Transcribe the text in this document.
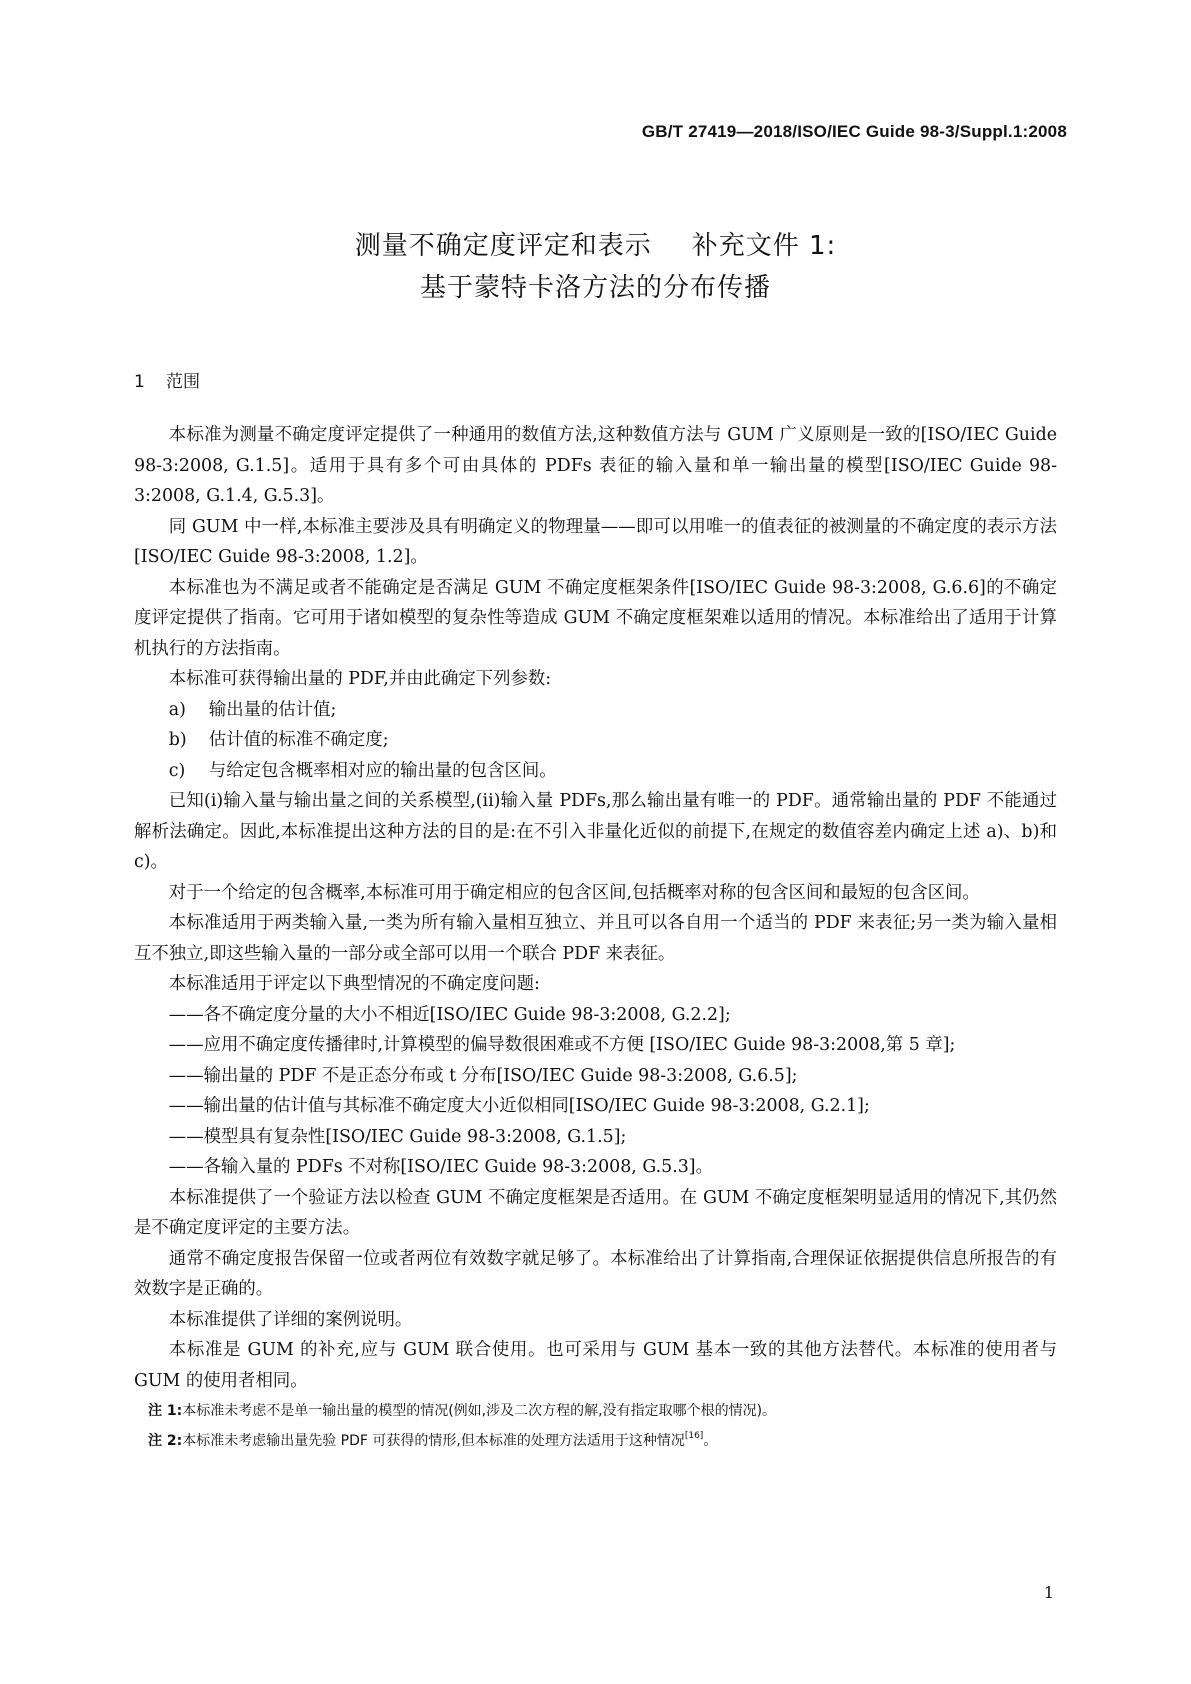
GB/T 27419—2018/ISO/IEC Guide 98-3/Suppl.1:2008
测量不确定度评定和表示 补充文件 1:
基于蒙特卡洛方法的分布传播
1 范围

本标准为测量不确定度评定提供了一种通用的数值方法,这种数值方法与 GUM 广义原则是一致的[ISO/IEC Guide 98-3:2008, G.1.5]。适用于具有多个可由具体的 PDFs 表征的输入量和单一输出量的模型[ISO/IEC Guide 98-3:2008, G.1.4, G.5.3]。

同 GUM 中一样,本标准主要涉及具有明确定义的物理量——即可以用唯一的值表征的被测量的不确定度的表示方法[ISO/IEC Guide 98-3:2008, 1.2]。

本标准也为不满足或者不能确定是否满足 GUM 不确定度框架条件[ISO/IEC Guide 98-3:2008, G.6.6]的不确定度评定提供了指南。它可用于诸如模型的复杂性等造成 GUM 不确定度框架难以适用的情况。本标准给出了适用于计算机执行的方法指南。

本标准可获得输出量的 PDF,并由此确定下列参数:

a) 输出量的估计值;

b) 估计值的标准不确定度;

c) 与给定包含概率相对应的输出量的包含区间。

已知(i)输入量与输出量之间的关系模型,(ii)输入量 PDFs,那么输出量有唯一的 PDF。通常输出量的 PDF 不能通过解析法确定。因此,本标准提出这种方法的目的是:在不引入非量化近似的前提下,在规定的数值容差内确定上述 a)、b)和 c)。

对于一个给定的包含概率,本标准可用于确定相应的包含区间,包括概率对称的包含区间和最短的包含区间。

本标准适用于两类输入量,一类为所有输入量相互独立、并且可以各自用一个适当的 PDF 来表征;另一类为输入量相互不独立,即这些输入量的一部分或全部可以用一个联合 PDF 来表征。

本标准适用于评定以下典型情况的不确定度问题:

——各不确定度分量的大小不相近[ISO/IEC Guide 98-3:2008, G.2.2];

——应用不确定度传播律时,计算模型的偏导数很困难或不方便 [ISO/IEC Guide 98-3:2008,第 5 章];

——输出量的 PDF 不是正态分布或 t 分布[ISO/IEC Guide 98-3:2008, G.6.5];

——输出量的估计值与其标准不确定度大小近似相同[ISO/IEC Guide 98-3:2008, G.2.1];

——模型具有复杂性[ISO/IEC Guide 98-3:2008, G.1.5];

——各输入量的 PDFs 不对称[ISO/IEC Guide 98-3:2008, G.5.3]。

本标准提供了一个验证方法以检查 GUM 不确定度框架是否适用。在 GUM 不确定度框架明显适用的情况下,其仍然是不确定度评定的主要方法。

通常不确定度报告保留一位或者两位有效数字就足够了。本标准给出了计算指南,合理保证依据提供信息所报告的有效数字是正确的。

本标准提供了详细的案例说明。

本标准是 GUM 的补充,应与 GUM 联合使用。也可采用与 GUM 基本一致的其他方法替代。本标准的使用者与 GUM 的使用者相同。

注 1:本标准未考虑不是单一输出量的模型的情况(例如,涉及二次方程的解,没有指定取哪个根的情况)。

注 2:本标准未考虑输出量先验 PDF 可获得的情形,但本标准的处理方法适用于这种情况[16]。

1
